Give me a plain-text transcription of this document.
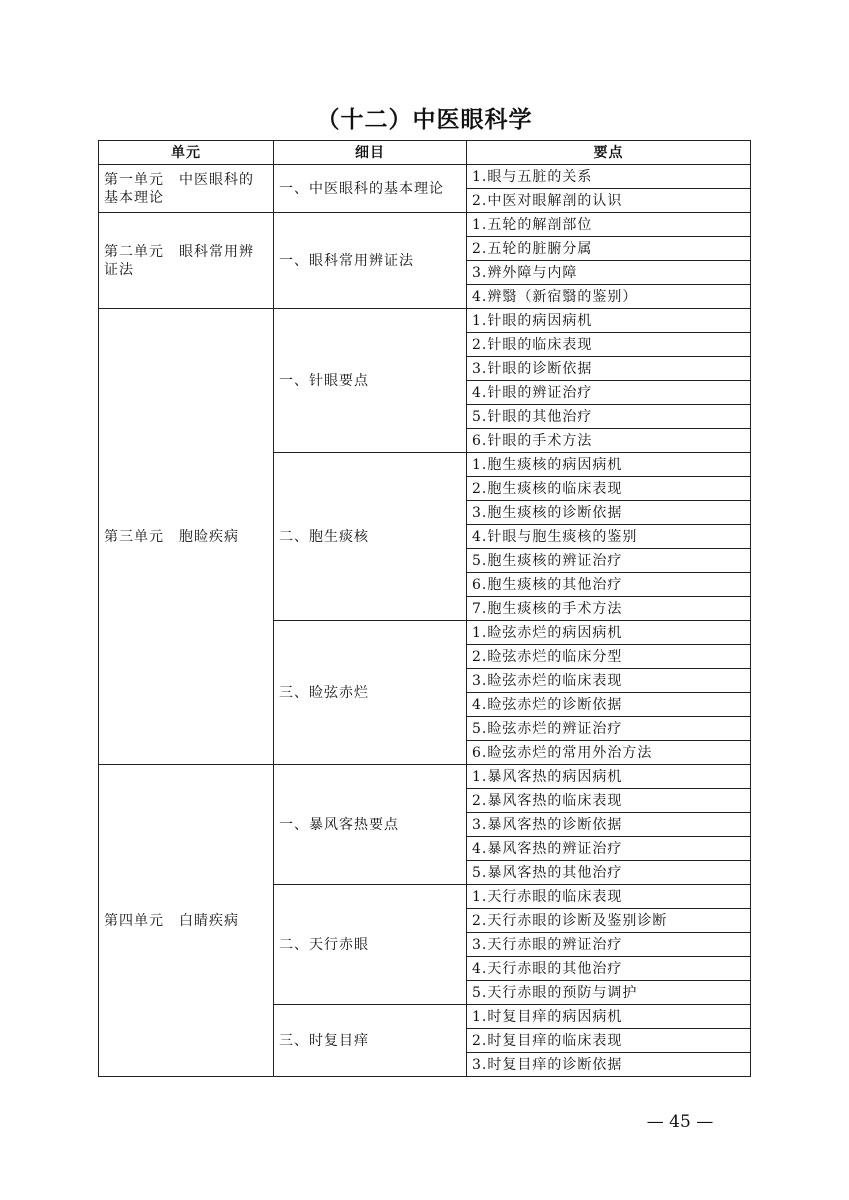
（十二）中医眼科学
单元	细目	要点
第一单元　中医眼科的基本理论	一、中医眼科的基本理论	1.眼与五脏的关系
		2.中医对眼解剖的认识
第二单元　眼科常用辨证法	一、眼科常用辨证法	1.五轮的解剖部位
		2.五轮的脏腑分属
		3.辨外障与内障
		4.辨翳（新宿翳的鉴别）
第三单元　胞睑疾病	一、针眼要点	1.针眼的病因病机
		2.针眼的临床表现
		3.针眼的诊断依据
		4.针眼的辨证治疗
		5.针眼的其他治疗
		6.针眼的手术方法
	二、胞生痰核	1.胞生痰核的病因病机
		2.胞生痰核的临床表现
		3.胞生痰核的诊断依据
		4.针眼与胞生痰核的鉴别
		5.胞生痰核的辨证治疗
		6.胞生痰核的其他治疗
		7.胞生痰核的手术方法
	三、睑弦赤烂	1.睑弦赤烂的病因病机
		2.睑弦赤烂的临床分型
		3.睑弦赤烂的临床表现
		4.睑弦赤烂的诊断依据
		5.睑弦赤烂的辨证治疗
		6.睑弦赤烂的常用外治方法
第四单元　白睛疾病	一、暴风客热要点	1.暴风客热的病因病机
		2.暴风客热的临床表现
		3.暴风客热的诊断依据
		4.暴风客热的辨证治疗
		5.暴风客热的其他治疗
	二、天行赤眼	1.天行赤眼的临床表现
		2.天行赤眼的诊断及鉴别诊断
		3.天行赤眼的辨证治疗
		4.天行赤眼的其他治疗
		5.天行赤眼的预防与调护
	三、时复目痒	1.时复目痒的病因病机
		2.时复目痒的临床表现
		3.时复目痒的诊断依据
— 45 —
